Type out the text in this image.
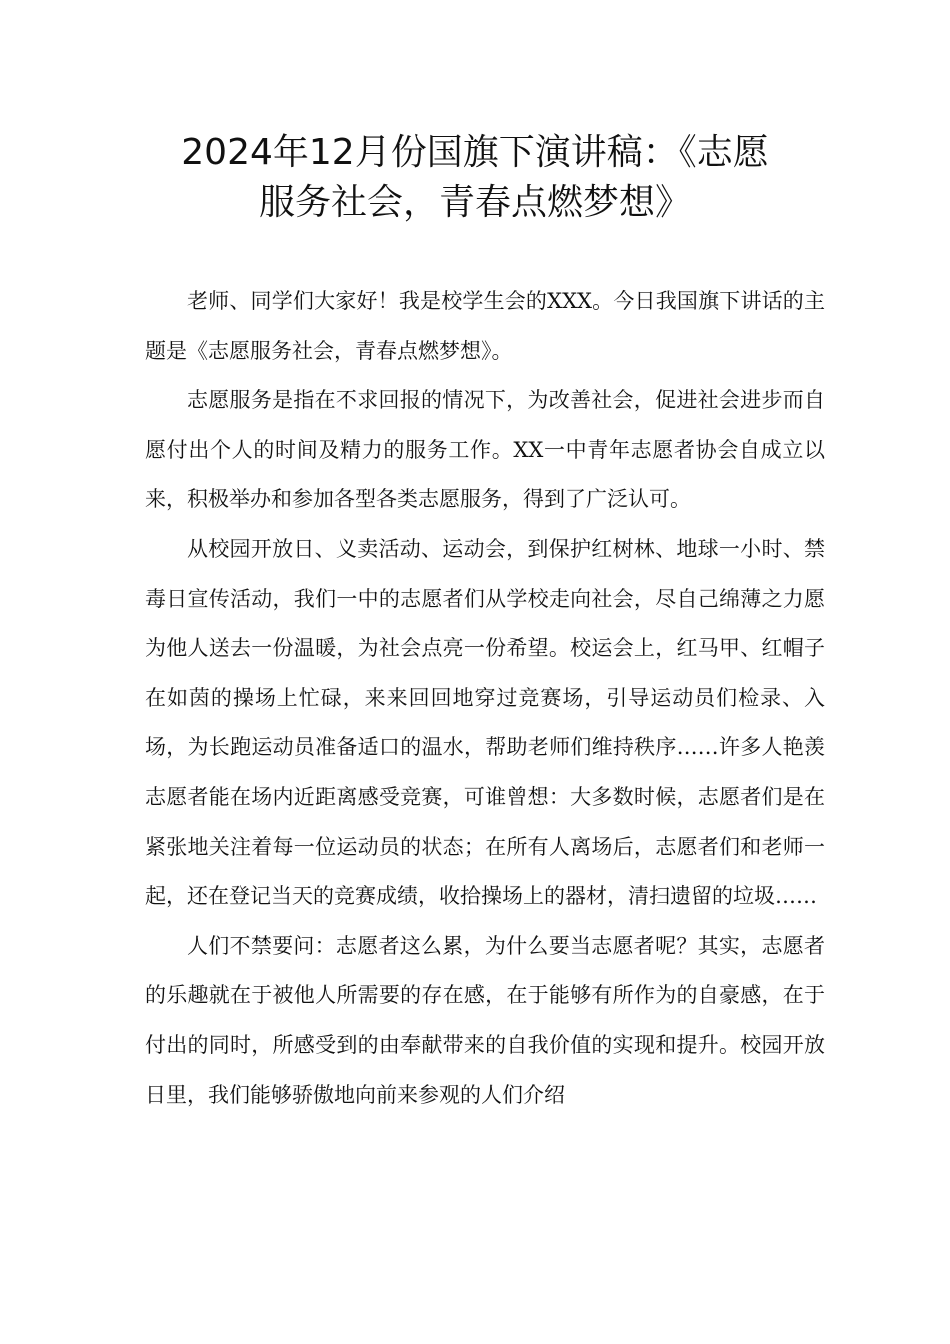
2024年12月份国旗下演讲稿：《志愿
服务社会，青春点燃梦想》

老师、同学们大家好！我是校学生会的XXX。今日我国旗下讲话的主题是《志愿服务社会，青春点燃梦想》。

志愿服务是指在不求回报的情况下，为改善社会，促进社会进步而自愿付出个人的时间及精力的服务工作。XX一中青年志愿者协会自成立以来，积极举办和参加各型各类志愿服务，得到了广泛认可。

从校园开放日、义卖活动、运动会，到保护红树林、地球一小时、禁毒日宣传活动，我们一中的志愿者们从学校走向社会，尽自己绵薄之力愿为他人送去一份温暖，为社会点亮一份希望。校运会上，红马甲、红帽子在如茵的操场上忙碌，来来回回地穿过竞赛场，引导运动员们检录、入场，为长跑运动员准备适口的温水，帮助老师们维持秩序……许多人艳羡志愿者能在场内近距离感受竞赛，可谁曾想：大多数时候，志愿者们是在紧张地关注着每一位运动员的状态；在所有人离场后，志愿者们和老师一起，还在登记当天的竞赛成绩，收拾操场上的器材，清扫遗留的垃圾……

人们不禁要问：志愿者这么累，为什么要当志愿者呢？其实，志愿者的乐趣就在于被他人所需要的存在感，在于能够有所作为的自豪感，在于付出的同时，所感受到的由奉献带来的自我价值的实现和提升。校园开放日里，我们能够骄傲地向前来参观的人们介绍
